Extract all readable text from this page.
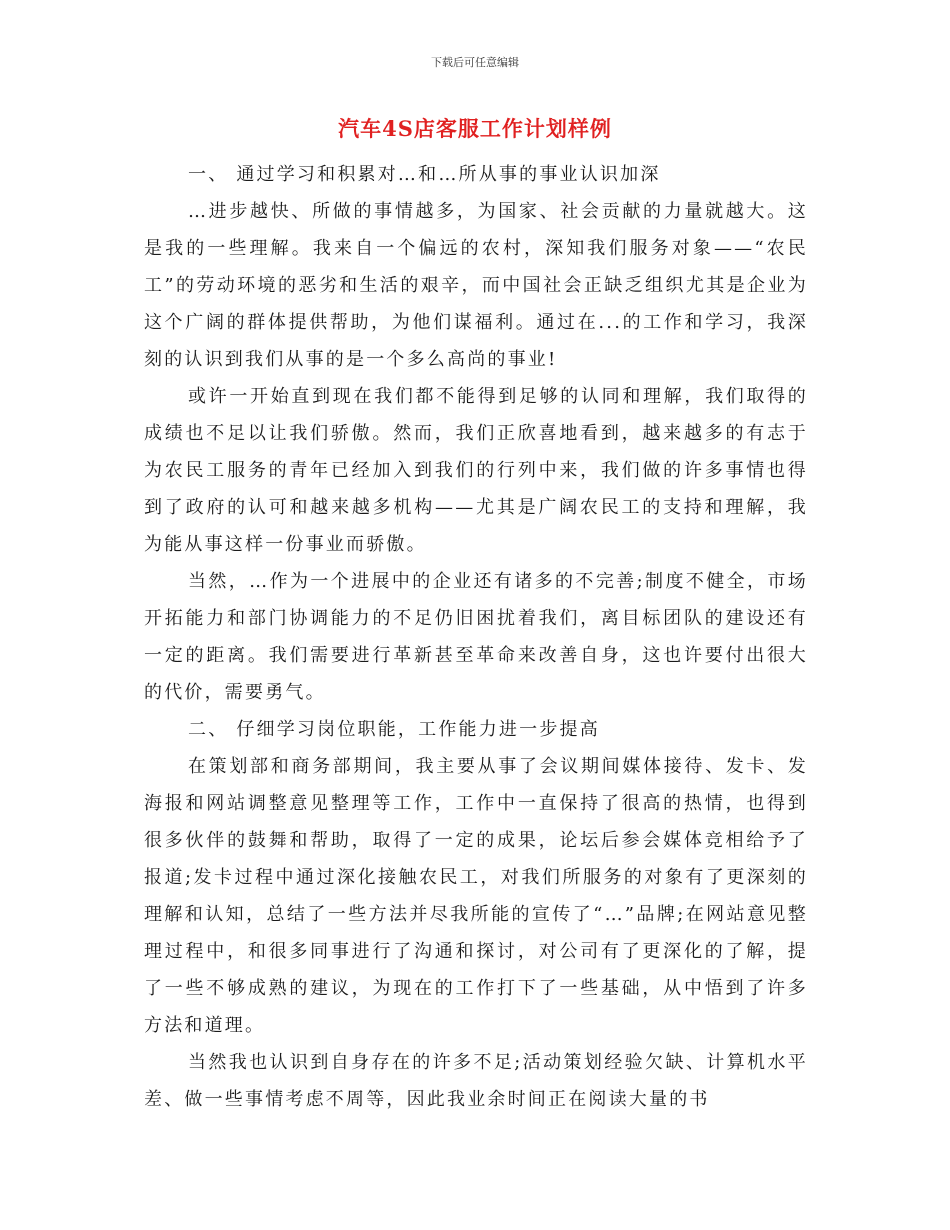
下载后可任意编辑
汽车4S店客服工作计划样例

一、 通过学习和积累对…和…所从事的事业认识加深

…进步越快、所做的事情越多，为国家、社会贡献的力量就越大。这是我的一些理解。我来自一个偏远的农村，深知我们服务对象——“农民工”的劳动环境的恶劣和生活的艰辛，而中国社会正缺乏组织尤其是企业为这个广阔的群体提供帮助，为他们谋福利。通过在...的工作和学习，我深刻的认识到我们从事的是一个多么高尚的事业!

或许一开始直到现在我们都不能得到足够的认同和理解，我们取得的成绩也不足以让我们骄傲。然而，我们正欣喜地看到，越来越多的有志于为农民工服务的青年已经加入到我们的行列中来，我们做的许多事情也得到了政府的认可和越来越多机构——尤其是广阔农民工的支持和理解，我为能从事这样一份事业而骄傲。

当然，…作为一个进展中的企业还有诸多的不完善;制度不健全，市场开拓能力和部门协调能力的不足仍旧困扰着我们，离目标团队的建设还有一定的距离。我们需要进行革新甚至革命来改善自身，这也许要付出很大的代价，需要勇气。

二、 仔细学习岗位职能，工作能力进一步提高

在策划部和商务部期间，我主要从事了会议期间媒体接待、发卡、发海报和网站调整意见整理等工作，工作中一直保持了很高的热情，也得到很多伙伴的鼓舞和帮助，取得了一定的成果，论坛后参会媒体竞相给予了报道;发卡过程中通过深化接触农民工，对我们所服务的对象有了更深刻的理解和认知，总结了一些方法并尽我所能的宣传了“…”品牌;在网站意见整理过程中，和很多同事进行了沟通和探讨，对公司有了更深化的了解，提了一些不够成熟的建议，为现在的工作打下了一些基础，从中悟到了许多方法和道理。

当然我也认识到自身存在的许多不足;活动策划经验欠缺、计算机水平差、做一些事情考虑不周等，因此我业余时间正在阅读大量的书
